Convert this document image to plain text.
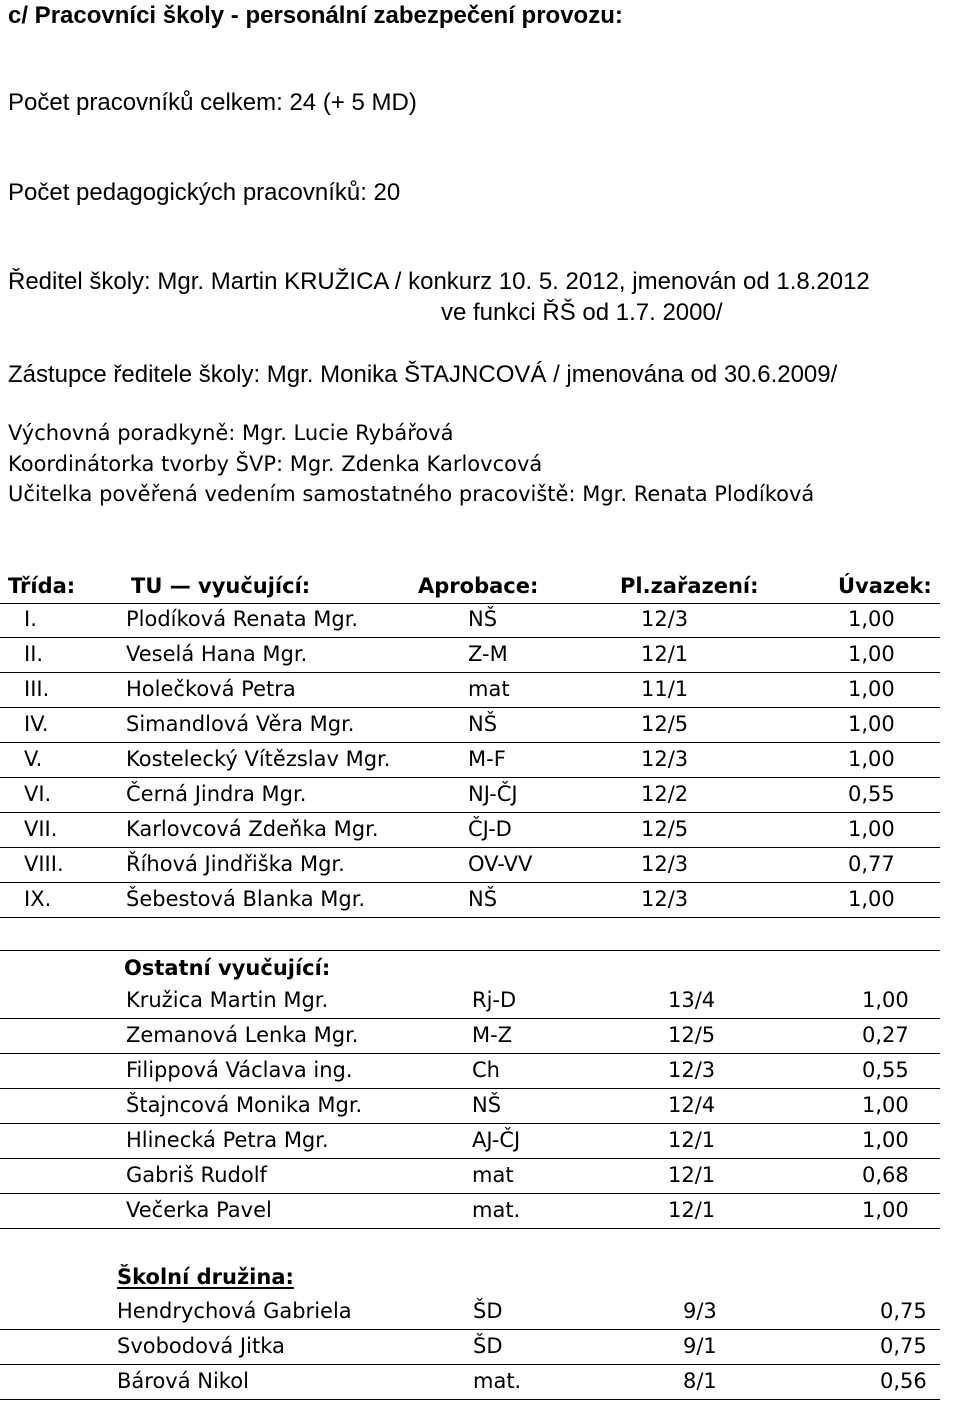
c/ Pracovníci školy - personální zabezpečení provozu:
Počet pracovníků celkem: 24 (+ 5 MD)
Počet pedagogických pracovníků: 20
Ředitel školy: Mgr. Martin KRUŽICA / konkurz 10. 5. 2012, jmenován od 1.8.2012
ve funkci ŘŠ od 1.7. 2000/
Zástupce ředitele školy: Mgr. Monika ŠTAJNCOVÁ / jmenována od 30.6.2009/
Výchovná poradkyně: Mgr. Lucie Rybářová
Koordinátorka tvorby ŠVP: Mgr. Zdenka Karlovcová
Učitelka pověřená vedením samostatného pracoviště: Mgr. Renata Plodíková
Třída:	TU — vyučující:	Aprobace:	Pl.zařazení:	Úvazek:
I.	Plodíková Renata Mgr.	NŠ	12/3	1,00
II.	Veselá Hana Mgr.	Z-M	12/1	1,00
III.	Holečková Petra	mat	11/1	1,00
IV.	Simandlová Věra Mgr.	NŠ	12/5	1,00
V.	Kostelecký Vítězslav Mgr.	M-F	12/3	1,00
VI.	Černá Jindra Mgr.	NJ-ČJ	12/2	0,55
VII.	Karlovcová Zdeňka Mgr.	ČJ-D	12/5	1,00
VIII.	Říhová Jindřiška Mgr.	OV-VV	12/3	0,77
IX.	Šebestová Blanka Mgr.	NŠ	12/3	1,00
Ostatní vyučující:
Kružica Martin Mgr.	Rj-D	13/4	1,00
Zemanová Lenka Mgr.	M-Z	12/5	0,27
Filippová Václava ing.	Ch	12/3	0,55
Štajncová Monika Mgr.	NŠ	12/4	1,00
Hlinecká Petra Mgr.	AJ-ČJ	12/1	1,00
Gabriš Rudolf	mat	12/1	0,68
Večerka Pavel	mat.	12/1	1,00
Školní družina:
Hendrychová Gabriela	ŠD	9/3	0,75
Svobodová Jitka	ŠD	9/1	0,75
Bárová Nikol	mat.	8/1	0,56
